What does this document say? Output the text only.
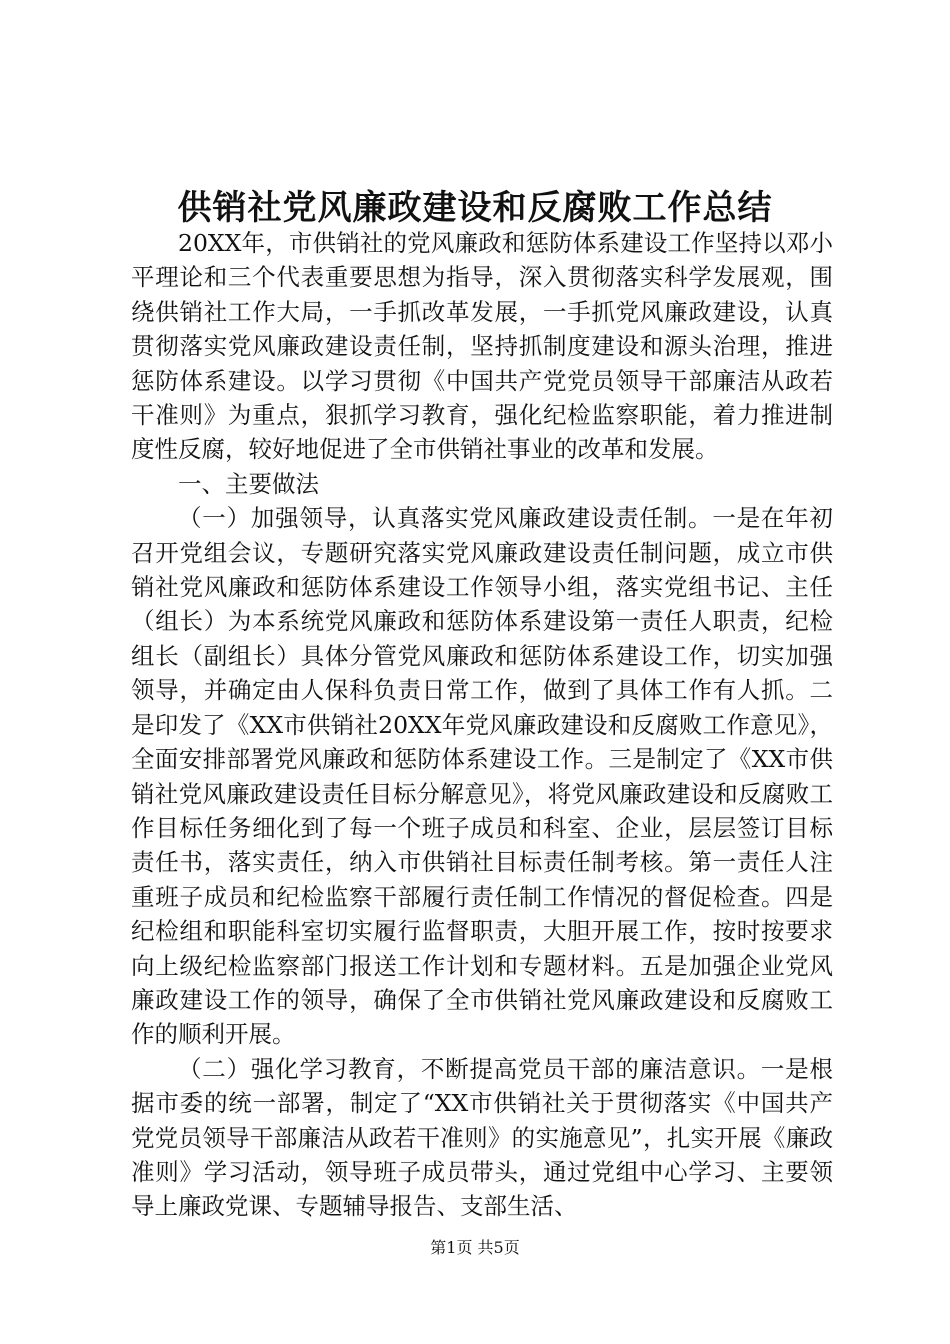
供销社党风廉政建设和反腐败工作总结

20XX年，市供销社的党风廉政和惩防体系建设工作坚持以邓小平理论和三个代表重要思想为指导，深入贯彻落实科学发展观，围绕供销社工作大局，一手抓改革发展，一手抓党风廉政建设，认真贯彻落实党风廉政建设责任制，坚持抓制度建设和源头治理，推进惩防体系建设。以学习贯彻《中国共产党党员领导干部廉洁从政若干准则》为重点，狠抓学习教育，强化纪检监察职能，着力推进制度性反腐，较好地促进了全市供销社事业的改革和发展。

一、主要做法

（一）加强领导，认真落实党风廉政建设责任制。一是在年初召开党组会议，专题研究落实党风廉政建设责任制问题，成立市供销社党风廉政和惩防体系建设工作领导小组，落实党组书记、主任（组长）为本系统党风廉政和惩防体系建设第一责任人职责，纪检组长（副组长）具体分管党风廉政和惩防体系建设工作，切实加强领导，并确定由人保科负责日常工作，做到了具体工作有人抓。二是印发了《XX市供销社20XX年党风廉政建设和反腐败工作意见》，全面安排部署党风廉政和惩防体系建设工作。三是制定了《XX市供销社党风廉政建设责任目标分解意见》，将党风廉政建设和反腐败工作目标任务细化到了每一个班子成员和科室、企业，层层签订目标责任书，落实责任，纳入市供销社目标责任制考核。第一责任人注重班子成员和纪检监察干部履行责任制工作情况的督促检查。四是纪检组和职能科室切实履行监督职责，大胆开展工作，按时按要求向上级纪检监察部门报送工作计划和专题材料。五是加强企业党风廉政建设工作的领导，确保了全市供销社党风廉政建设和反腐败工作的顺利开展。

（二）强化学习教育，不断提高党员干部的廉洁意识。一是根据市委的统一部署，制定了“XX市供销社关于贯彻落实《中国共产党党员领导干部廉洁从政若干准则》的实施意见”，扎实开展《廉政准则》学习活动，领导班子成员带头，通过党组中心学习、主要领导上廉政党课、专题辅导报告、支部生活、

第1页 共5页
